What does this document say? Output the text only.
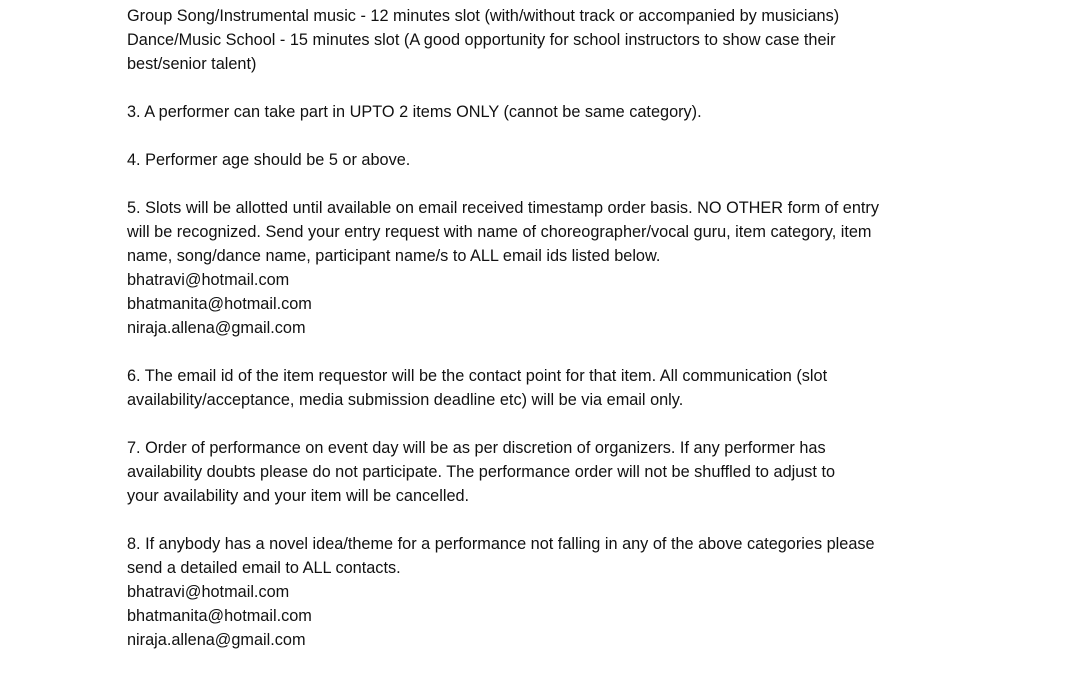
Group Song/Instrumental music - 12 minutes slot (with/without track or accompanied by musicians)
Dance/Music School - 15 minutes slot (A good opportunity for school instructors to show case their
best/senior talent)
3. A performer can take part in UPTO 2 items ONLY (cannot be same category).
4. Performer age should be 5 or above.
5. Slots will be allotted until available on email received timestamp order basis. NO OTHER form of entry
will be recognized. Send your entry request with name of choreographer/vocal guru, item category, item
name, song/dance name, participant name/s to ALL email ids listed below.
bhatravi@hotmail.com
bhatmanita@hotmail.com
niraja.allena@gmail.com
6. The email id of the item requestor will be the contact point for that item. All communication (slot
availability/acceptance, media submission deadline etc) will be via email only.
7. Order of performance on event day will be as per discretion of organizers. If any performer has
availability doubts please do not participate. The performance order will not be shuffled to adjust to
your availability and your item will be cancelled.
8. If anybody has a novel idea/theme for a performance not falling in any of the above categories please
send a detailed email to ALL contacts.
bhatravi@hotmail.com
bhatmanita@hotmail.com
niraja.allena@gmail.com
